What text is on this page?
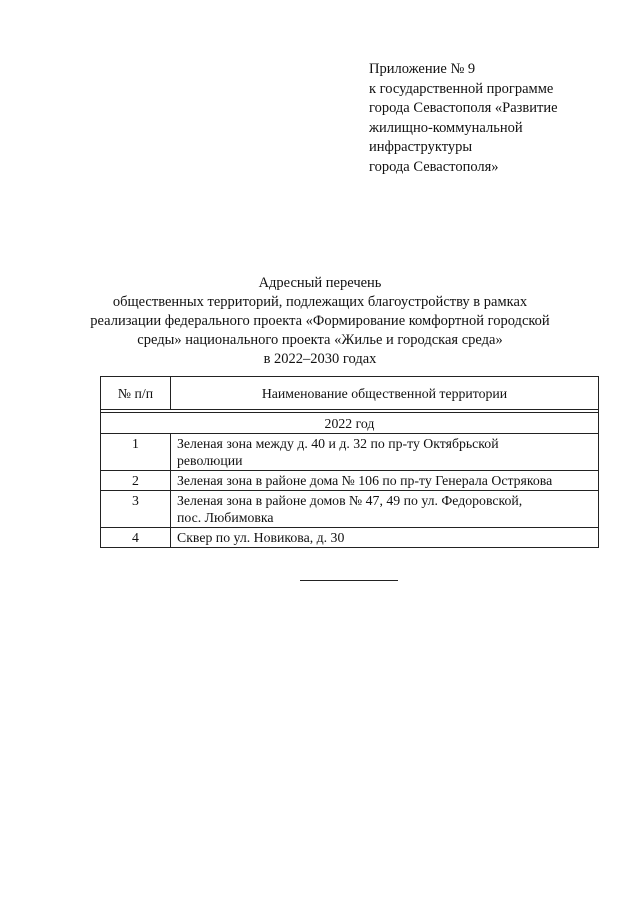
Приложение № 9
к государственной программе
города Севастополя «Развитие
жилищно-коммунальной
инфраструктуры
города Севастополя»
Адресный перечень
общественных территорий, подлежащих благоустройству в рамках
реализации федерального проекта «Формирование комфортной городской
среды» национального проекта «Жилье и городская среда»
в 2022–2030 годах
№ п/п	Наименование общественной территории

2022 год	
1	Зеленая зона между д. 40 и д. 32 по пр-ту Октябрьской
революции

2	Зеленая зона в районе дома № 106 по пр-ту Генерала Острякова

3	Зеленая зона в районе домов № 47, 49 по ул. Федоровской,
пос. Любимовка

4	Сквер по ул. Новикова, д. 30
